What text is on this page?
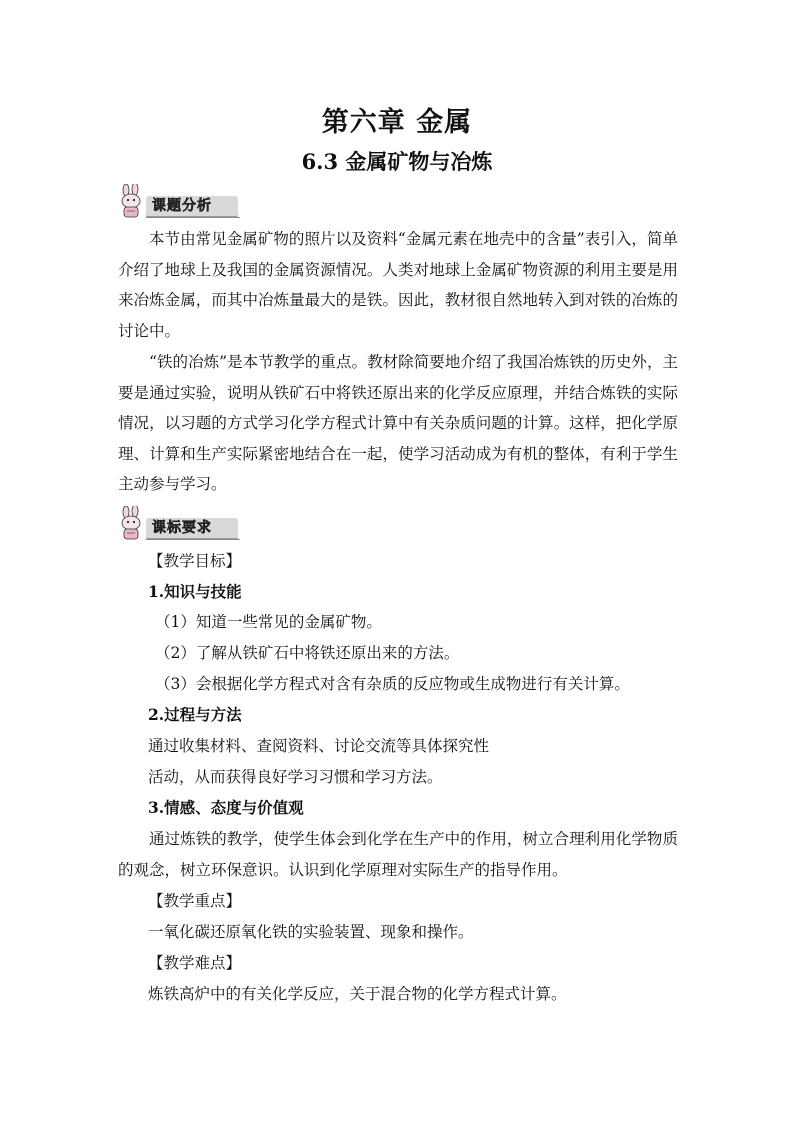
第六章 金属
6.3 金属矿物与冶炼
课题分析

本节由常见金属矿物的照片以及资料“金属元素在地壳中的含量”表引入，简单介绍了地球上及我国的金属资源情况。人类对地球上金属矿物资源的利用主要是用来冶炼金属，而其中冶炼量最大的是铁。因此，教材很自然地转入到对铁的冶炼的讨论中。

“铁的冶炼”是本节教学的重点。教材除简要地介绍了我国冶炼铁的历史外，主要是通过实验，说明从铁矿石中将铁还原出来的化学反应原理，并结合炼铁的实际情况，以习题的方式学习化学方程式计算中有关杂质问题的计算。这样，把化学原理、计算和生产实际紧密地结合在一起，使学习活动成为有机的整体，有利于学生主动参与学习。

课标要求

【教学目标】

1.知识与技能

（1）知道一些常见的金属矿物。

（2）了解从铁矿石中将铁还原出来的方法。

（3）会根据化学方程式对含有杂质的反应物或生成物进行有关计算。

2.过程与方法

通过收集材料、查阅资料、讨论交流等具体探究性

活动，从而获得良好学习习惯和学习方法。

3.情感、态度与价值观

通过炼铁的教学，使学生体会到化学在生产中的作用，树立合理利用化学物质的观念，树立环保意识。认识到化学原理对实际生产的指导作用。

【教学重点】

一氧化碳还原氧化铁的实验装置、现象和操作。

【教学难点】

炼铁高炉中的有关化学反应，关于混合物的化学方程式计算。
